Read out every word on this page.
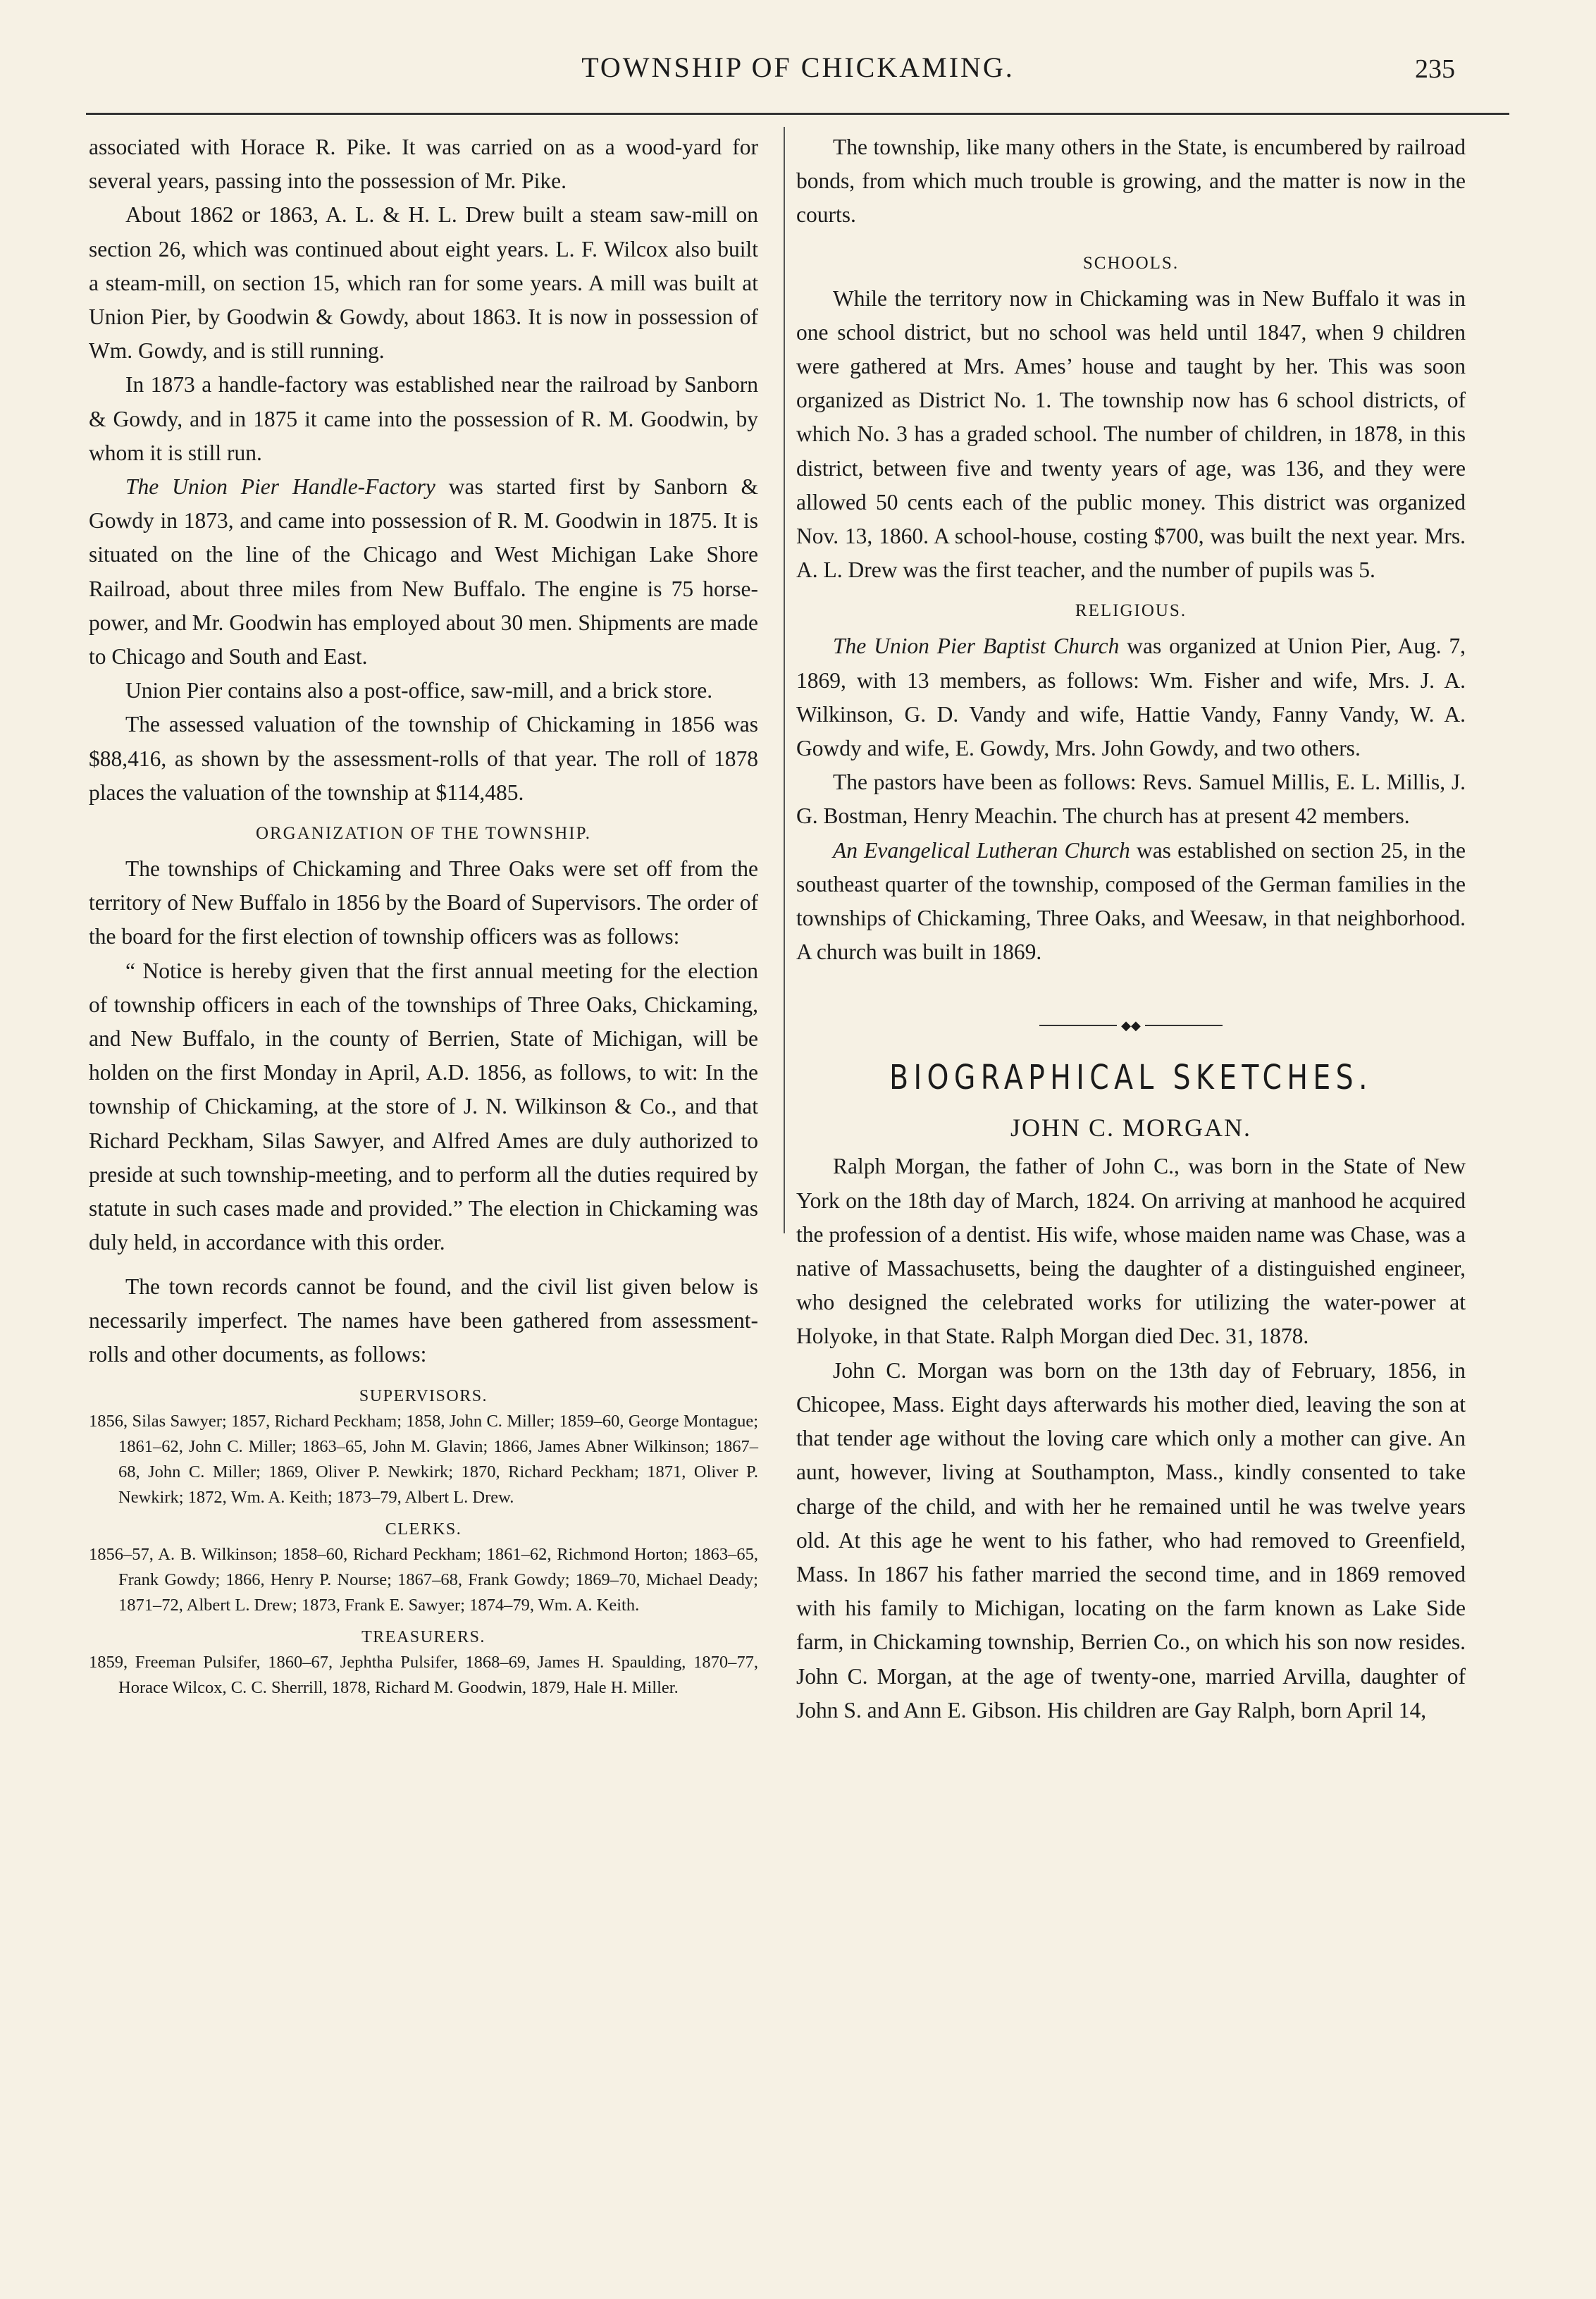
TOWNSHIP OF CHICKAMING.	235

associated with Horace R. Pike. It was carried on as a wood-yard for several years, passing into the possession of Mr. Pike.

About 1862 or 1863, A. L. & H. L. Drew built a steam saw-mill on section 26, which was continued about eight years. L. F. Wilcox also built a steam-mill, on section 15, which ran for some years. A mill was built at Union Pier, by Goodwin & Gowdy, about 1863. It is now in possession of Wm. Gowdy, and is still running.

In 1873 a handle-factory was established near the railroad by Sanborn & Gowdy, and in 1875 it came into the possession of R. M. Goodwin, by whom it is still run.

The Union Pier Handle-Factory was started first by Sanborn & Gowdy in 1873, and came into possession of R. M. Goodwin in 1875. It is situated on the line of the Chicago and West Michigan Lake Shore Railroad, about three miles from New Buffalo. The engine is 75 horse-power, and Mr. Goodwin has employed about 30 men. Shipments are made to Chicago and South and East.

Union Pier contains also a post-office, saw-mill, and a brick store.

The assessed valuation of the township of Chickaming in 1856 was $88,416, as shown by the assessment-rolls of that year. The roll of 1878 places the valuation of the township at $114,485.

ORGANIZATION OF THE TOWNSHIP.

The townships of Chickaming and Three Oaks were set off from the territory of New Buffalo in 1856 by the Board of Supervisors. The order of the board for the first election of township officers was as follows:

“ Notice is hereby given that the first annual meeting for the election of township officers in each of the townships of Three Oaks, Chickaming, and New Buffalo, in the county of Berrien, State of Michigan, will be holden on the first Monday in April, A.D. 1856, as follows, to wit: In the township of Chickaming, at the store of J. N. Wilkinson & Co., and that Richard Peckham, Silas Sawyer, and Alfred Ames are duly authorized to preside at such township-meeting, and to perform all the duties required by statute in such cases made and provided.” The election in Chickaming was duly held, in accordance with this order.

The town records cannot be found, and the civil list given below is necessarily imperfect. The names have been gathered from assessment-rolls and other documents, as follows:

SUPERVISORS.
1856, Silas Sawyer; 1857, Richard Peckham; 1858, John C. Miller; 1859–60, George Montague; 1861–62, John C. Miller; 1863–65, John M. Glavin; 1866, James Abner Wilkinson; 1867–68, John C. Miller; 1869, Oliver P. Newkirk; 1870, Richard Peckham; 1871, Oliver P. Newkirk; 1872, Wm. A. Keith; 1873–79, Albert L. Drew.
CLERKS.
1856–57, A. B. Wilkinson; 1858–60, Richard Peckham; 1861–62, Richmond Horton; 1863–65, Frank Gowdy; 1866, Henry P. Nourse; 1867–68, Frank Gowdy; 1869–70, Michael Deady; 1871–72, Albert L. Drew; 1873, Frank E. Sawyer; 1874–79, Wm. A. Keith.
TREASURERS.
1859, Freeman Pulsifer, 1860–67, Jephtha Pulsifer, 1868–69, James H. Spaulding, 1870–77, Horace Wilcox, C. C. Sherrill, 1878, Richard M. Goodwin, 1879, Hale H. Miller.

The township, like many others in the State, is encumbered by railroad bonds, from which much trouble is growing, and the matter is now in the courts.

SCHOOLS.

While the territory now in Chickaming was in New Buffalo it was in one school district, but no school was held until 1847, when 9 children were gathered at Mrs. Ames’ house and taught by her. This was soon organized as District No. 1. The township now has 6 school districts, of which No. 3 has a graded school. The number of children, in 1878, in this district, between five and twenty years of age, was 136, and they were allowed 50 cents each of the public money. This district was organized Nov. 13, 1860. A school-house, costing $700, was built the next year. Mrs. A. L. Drew was the first teacher, and the number of pupils was 5.

RELIGIOUS.

The Union Pier Baptist Church was organized at Union Pier, Aug. 7, 1869, with 13 members, as follows: Wm. Fisher and wife, Mrs. J. A. Wilkinson, G. D. Vandy and wife, Hattie Vandy, Fanny Vandy, W. A. Gowdy and wife, E. Gowdy, Mrs. John Gowdy, and two others.

The pastors have been as follows: Revs. Samuel Millis, E. L. Millis, J. G. Bostman, Henry Meachin. The church has at present 42 members.

An Evangelical Lutheran Church was established on section 25, in the southeast quarter of the township, composed of the German families in the townships of Chickaming, Three Oaks, and Weesaw, in that neighborhood. A church was built in 1869.

◆◆
BIOGRAPHICAL SKETCHES.
JOHN C. MORGAN.

Ralph Morgan, the father of John C., was born in the State of New York on the 18th day of March, 1824. On arriving at manhood he acquired the profession of a dentist. His wife, whose maiden name was Chase, was a native of Massachusetts, being the daughter of a distinguished engineer, who designed the celebrated works for utilizing the water-power at Holyoke, in that State. Ralph Morgan died Dec. 31, 1878.

John C. Morgan was born on the 13th day of February, 1856, in Chicopee, Mass. Eight days afterwards his mother died, leaving the son at that tender age without the loving care which only a mother can give. An aunt, however, living at Southampton, Mass., kindly consented to take charge of the child, and with her he remained until he was twelve years old. At this age he went to his father, who had removed to Greenfield, Mass. In 1867 his father married the second time, and in 1869 removed with his family to Michigan, locating on the farm known as Lake Side farm, in Chickaming township, Berrien Co., on which his son now resides. John C. Morgan, at the age of twenty-one, married Arvilla, daughter of John S. and Ann E. Gibson. His children are Gay Ralph, born April 14,
